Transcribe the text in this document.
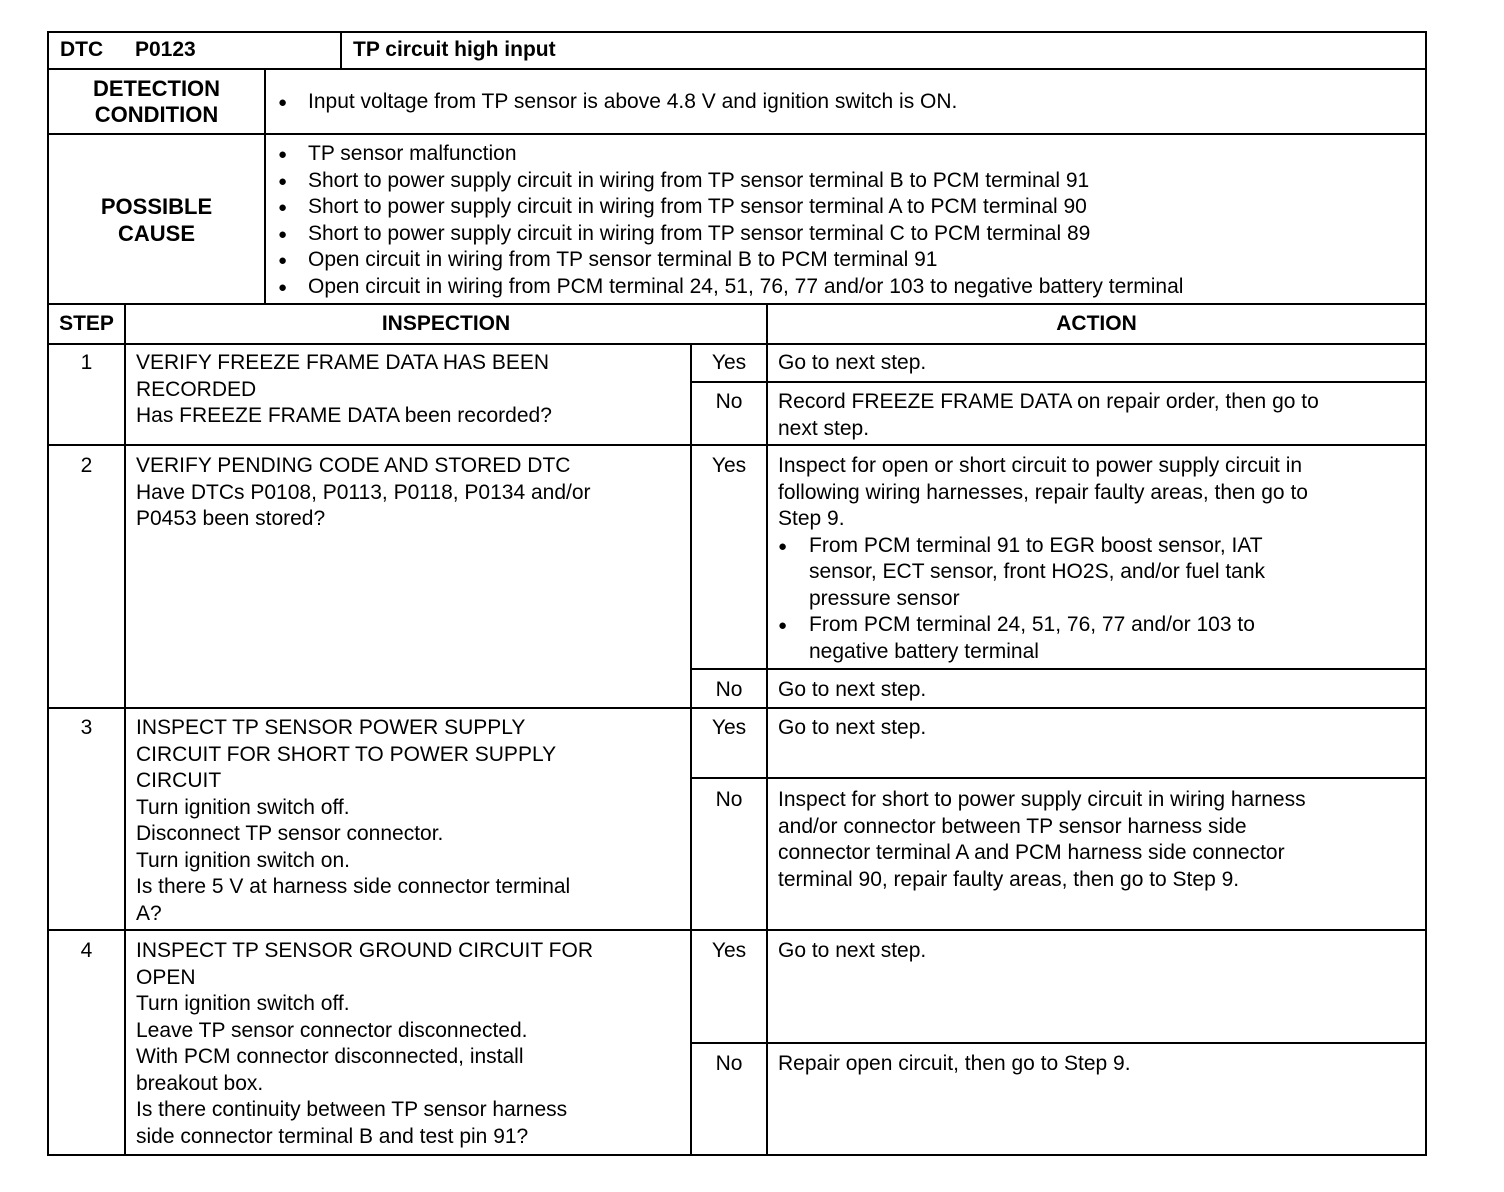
DTC P0123	TP circuit high input
DETECTION
CONDITION
● Input voltage from TP sensor is above 4.8 V and ignition switch is ON.
POSSIBLE
CAUSE
● TP sensor malfunction
● Short to power supply circuit in wiring from TP sensor terminal B to PCM terminal 91
● Short to power supply circuit in wiring from TP sensor terminal A to PCM terminal 90
● Short to power supply circuit in wiring from TP sensor terminal C to PCM terminal 89
● Open circuit in wiring from TP sensor terminal B to PCM terminal 91
● Open circuit in wiring from PCM terminal 24, 51, 76, 77 and/or 103 to negative battery terminal
STEP	INSPECTION	ACTION
1	VERIFY FREEZE FRAME DATA HAS BEEN
RECORDED
Has FREEZE FRAME DATA been recorded?
Yes	Go to next step.
No	Record FREEZE FRAME DATA on repair order, then go to
next step.
2	VERIFY PENDING CODE AND STORED DTC
Have DTCs P0108, P0113, P0118, P0134 and/or
P0453 been stored?
Yes	Inspect for open or short circuit to power supply circuit in
following wiring harnesses, repair faulty areas, then go to
Step 9.
● From PCM terminal 91 to EGR boost sensor, IAT
sensor, ECT sensor, front HO2S, and/or fuel tank
pressure sensor
● From PCM terminal 24, 51, 76, 77 and/or 103 to
negative battery terminal
No	Go to next step.
3	INSPECT TP SENSOR POWER SUPPLY
CIRCUIT FOR SHORT TO POWER SUPPLY
CIRCUIT
Turn ignition switch off.
Disconnect TP sensor connector.
Turn ignition switch on.
Is there 5 V at harness side connector terminal
A?
Yes	Go to next step.
No	Inspect for short to power supply circuit in wiring harness
and/or connector between TP sensor harness side
connector terminal A and PCM harness side connector
terminal 90, repair faulty areas, then go to Step 9.
4	INSPECT TP SENSOR GROUND CIRCUIT FOR
OPEN
Turn ignition switch off.
Leave TP sensor connector disconnected.
With PCM connector disconnected, install
breakout box.
Is there continuity between TP sensor harness
side connector terminal B and test pin 91?
Yes	Go to next step.
No	Repair open circuit, then go to Step 9.
